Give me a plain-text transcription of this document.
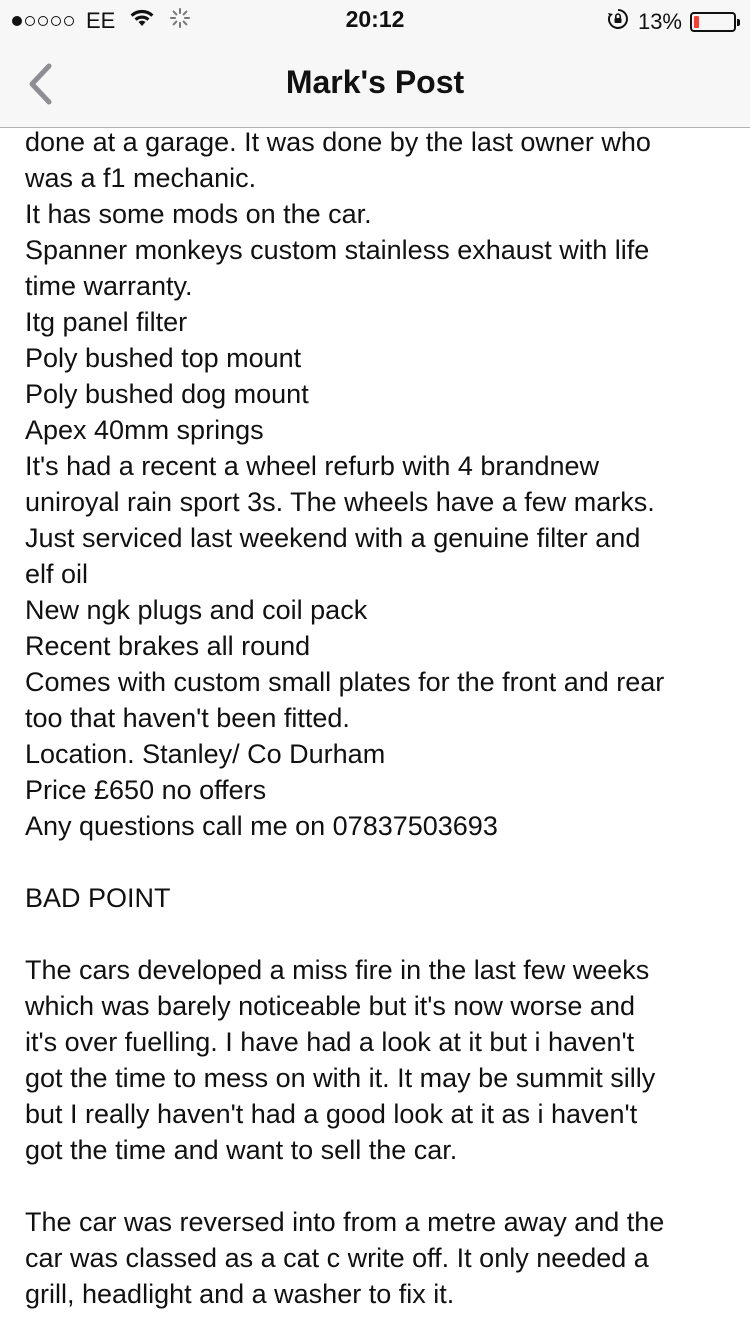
EE	20:12	13%
Mark's Post
done at a garage. It was done by the last owner who
was a f1 mechanic.
It has some mods on the car.
Spanner monkeys custom stainless exhaust with life
time warranty.
Itg panel filter
Poly bushed top mount
Poly bushed dog mount
Apex 40mm springs
It's had a recent a wheel refurb with 4 brandnew
uniroyal rain sport 3s. The wheels have a few marks.
Just serviced last weekend with a genuine filter and
elf oil
New ngk plugs and coil pack
Recent brakes all round
Comes with custom small plates for the front and rear
too that haven't been fitted.
Location. Stanley/ Co Durham
Price £650 no offers
Any questions call me on 07837503693
BAD POINT
The cars developed a miss fire in the last few weeks
which was barely noticeable but it's now worse and
it's over fuelling. I have had a look at it but i haven't
got the time to mess on with it. It may be summit silly
but I really haven't had a good look at it as i haven't
got the time and want to sell the car.
The car was reversed into from a metre away and the
car was classed as a cat c write off. It only needed a
grill, headlight and a washer to fix it.
